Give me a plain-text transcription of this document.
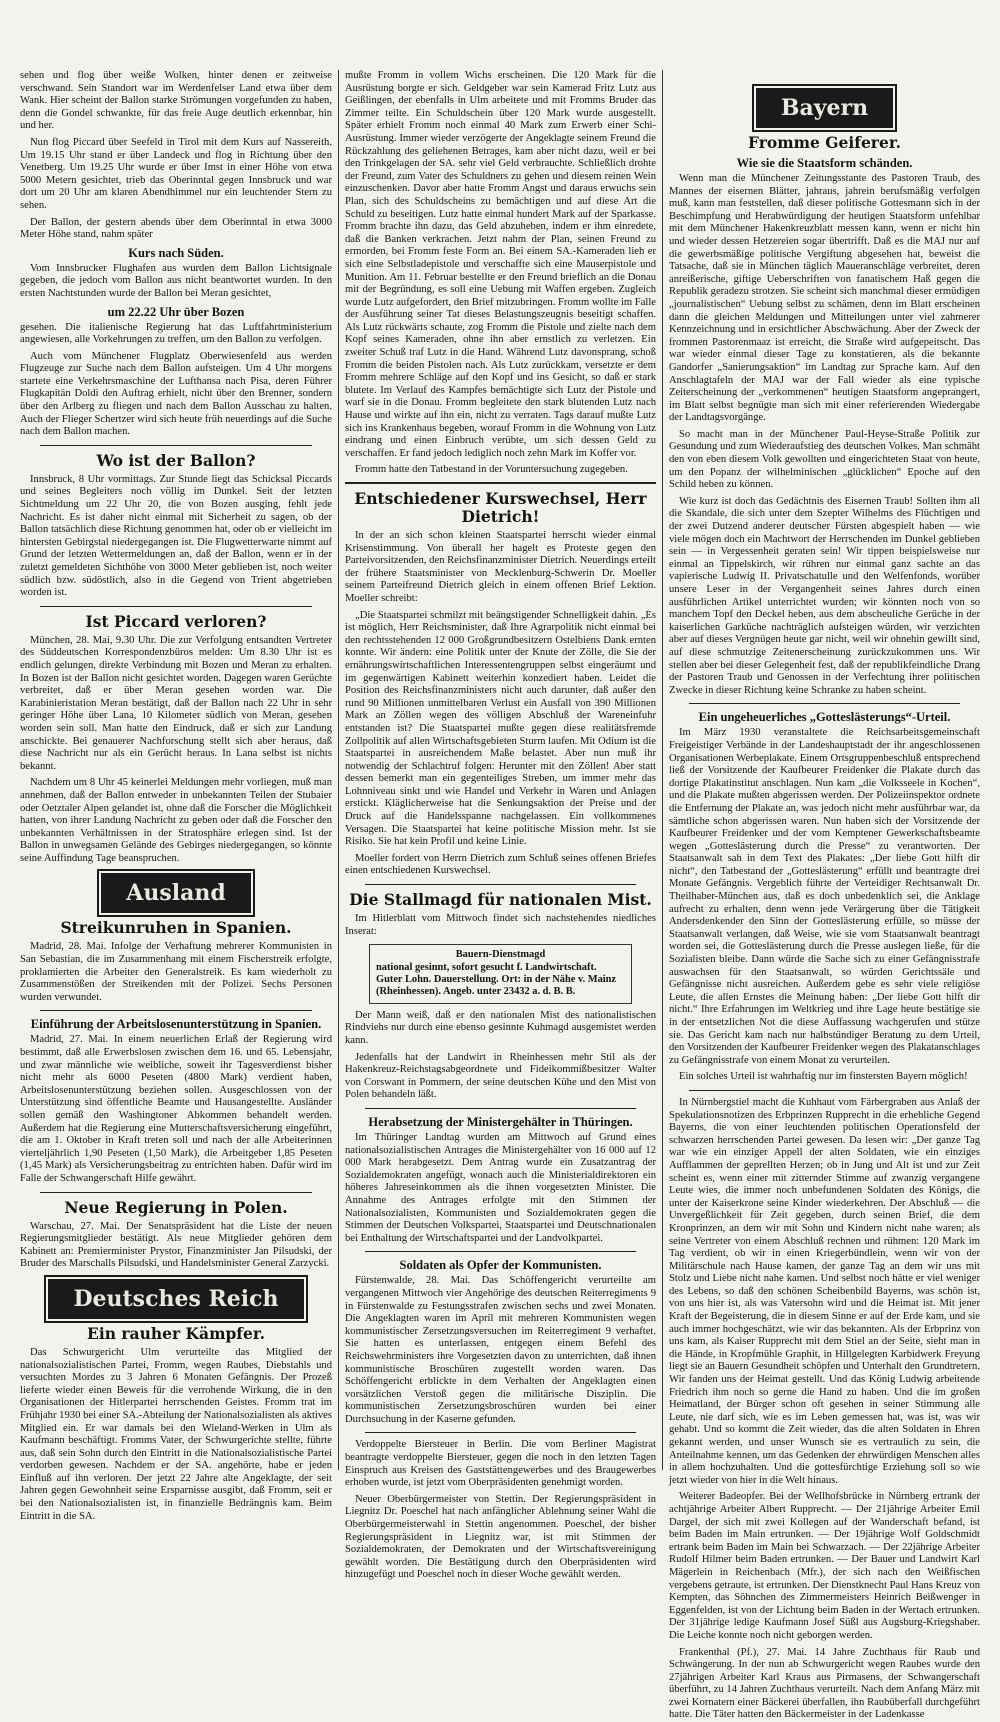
sehen und flog über weiße Wolken, hinter denen er zeitweise verschwand. Sein Standort war im Werdenfelser Land etwa über dem Wank. Hier scheint der Ballon starke Strömungen vorgefunden zu haben, denn die Gondel schwankte, für das freie Auge deutlich erkennbar, hin und her.

Nun flog Piccard über Seefeld in Tirol mit dem Kurs auf Nassereith. Um 19.15 Uhr stand er über Landeck und flog in Richtung über den Venetberg. Um 19.25 Uhr wurde er über Imst in einer Höhe von etwa 5000 Metern gesichtet, trieb das Oberinntal gegen Innsbruck und war dort um 20 Uhr am klaren Abendhimmel nur ein leuchtender Stern zu sehen.

Der Ballon, der gestern abends über dem Oberinntal in etwa 3000 Meter Höhe stand, nahm später

Kurs nach Süden.

Vom Innsbrucker Flughafen aus wurden dem Ballon Lichtsignale gegeben, die jedoch vom Ballon aus nicht beantwortet wurden. In den ersten Nachtstunden wurde der Ballon bei Meran gesichtet,

um 22.22 Uhr über Bozen

gesehen. Die italienische Regierung hat das Luftfahrtministerium angewiesen, alle Vorkehrungen zu treffen, um den Ballon zu verfolgen.

Auch vom Münchener Flugplatz Oberwiesenfeld aus werden Flugzeuge zur Suche nach dem Ballon aufsteigen. Um 4 Uhr morgens startete eine Verkehrsmaschine der Lufthansa nach Pisa, deren Führer Flugkapitän Doldi den Auftrag erhielt, nicht über den Brenner, sondern über den Arlberg zu fliegen und nach dem Ballon Ausschau zu halten. Auch der Flieger Schertzer wird sich heute früh neuerdings auf die Suche nach dem Ballon machen.

Wo ist der Ballon?

Innsbruck, 8 Uhr vormittags. Zur Stunde liegt das Schicksal Piccards und seines Begleiters noch völlig im Dunkel. Seit der letzten Sichtmeldung um 22 Uhr 20, die von Bozen ausging, fehlt jede Nachricht. Es ist daher nicht einmal mit Sicherheit zu sagen, ob der Ballon tatsächlich diese Richtung genommen hat, oder ob er vielleicht im hintersten Gebirgstal niedergegangen ist. Die Flugwetterwarte nimmt auf Grund der letzten Wettermeldungen an, daß der Ballon, wenn er in der zuletzt gemeldeten Sichthöhe von 3000 Meter geblieben ist, noch weiter südlich bzw. südöstlich, also in die Gegend von Trient abgetrieben worden ist.

Ist Piccard verloren?

München, 28. Mai, 9.30 Uhr. Die zur Verfolgung entsandten Vertreter des Süddeutschen Korrespondenzbüros melden: Um 8.30 Uhr ist es endlich gelungen, direkte Verbindung mit Bozen und Meran zu erhalten. In Bozen ist der Ballon nicht gesichtet worden. Dagegen waren Gerüchte verbreitet, daß er über Meran gesehen worden war. Die Karabinieristation Meran bestätigt, daß der Ballon nach 22 Uhr in sehr geringer Höhe über Lana, 10 Kilometer südlich von Meran, gesehen worden sein soll. Man hatte den Eindruck, daß er sich zur Landung anschickte. Bei genauerer Nachforschung stellt sich aber heraus, daß diese Nachricht nur als ein Gerücht heraus. In Lana selbst ist nichts bekannt.

Nachdem um 8 Uhr 45 keinerlei Meldungen mehr vorliegen, muß man annehmen, daß der Ballon entweder in unbekannten Teilen der Stubaier oder Oetztaler Alpen gelandet ist, ohne daß die Forscher die Möglichkeit hatten, von ihrer Landung Nachricht zu geben oder daß die Forscher den unbekannten Verhältnissen in der Stratosphäre erlegen sind. Ist der Ballon in unwegsamen Gelände des Gebirges niedergegangen, so könnte seine Auffindung Tage beanspruchen.

Ausland
Streikunruhen in Spanien.

Madrid, 28. Mai. Infolge der Verhaftung mehrerer Kommunisten in San Sebastian, die im Zusammenhang mit einem Fischerstreik erfolgte, proklamierten die Arbeiter den Generalstreik. Es kam wiederholt zu Zusammenstößen der Streikenden mit der Polizei. Sechs Personen wurden verwundet.

Einführung der Arbeitslosenunterstützung in Spanien.

Madrid, 27. Mai. In einem neuerlichen Erlaß der Regierung wird bestimmt, daß alle Erwerbslosen zwischen dem 16. und 65. Lebensjahr, und zwar männliche wie weibliche, soweit ihr Tagesverdienst bisher nicht mehr als 6000 Peseten (4800 Mark) verdient haben, Arbeitslosenunterstützung beziehen sollen. Ausgeschlossen von der Unterstützung sind öffentliche Beamte und Hausangestellte. Ausländer sollen gemäß den Washingtoner Abkommen behandelt werden. Außerdem hat die Regierung eine Mutterschaftsversicherung eingeführt, die am 1. Oktober in Kraft treten soll und nach der alle Arbeiterinnen vierteljährlich 1,90 Peseten (1,50 Mark), die Arbeitgeber 1,85 Peseten (1,45 Mark) als Versicherungsbeitrag zu entrichten haben. Dafür wird im Falle der Schwangerschaft Hilfe gewährt.

Neue Regierung in Polen.

Warschau, 27. Mai. Der Senatspräsident hat die Liste der neuen Regierungsmitglieder bestätigt. Als neue Mitglieder gehören dem Kabinett an: Premierminister Prystor, Finanzminister Jan Pilsudski, der Bruder des Marschalls Pilsudski, und Handelsminister General Zarzycki.

Deutsches Reich
Ein rauher Kämpfer.

Das Schwurgericht Ulm verurteilte das Mitglied der nationalsozialistischen Partei, Fromm, wegen Raubes, Diebstahls und versuchten Mordes zu 3 Jahren 6 Monaten Gefängnis. Der Prozeß lieferte wieder einen Beweis für die verrohende Wirkung, die in den Organisationen der Hitlerpartei herrschenden Geistes. Fromm trat im Frühjahr 1930 bei einer SA.-Abteilung der Nationalsozialisten als aktives Mitglied ein. Er war damals bei den Wieland-Werken in Ulm als Kaufmann beschäftigt. Fromms Vater, der Schwurgerichte stellte, führte aus, daß sein Sohn durch den Eintritt in die Nationalsozialistische Partei verdorben gewesen. Nachdem er der SA. angehörte, habe er jeden Einfluß auf ihn verloren. Der jetzt 22 Jahre alte Angeklagte, der seit Jahren gegen Gewohnheit seine Ersparnisse ausgibt, daß Fromm, seit er bei den Nationalsozialisten ist, in finanzielle Bedrängnis kam. Beim Eintritt in die SA.

mußte Fromm in vollem Wichs erscheinen. Die 120 Mark für die Ausrüstung borgte er sich. Geldgeber war sein Kamerad Fritz Lutz aus Geißlingen, der ebenfalls in Ulm arbeitete und mit Fromms Bruder das Zimmer teilte. Ein Schuldschein über 120 Mark wurde ausgestellt. Später erhielt Fromm noch einmal 40 Mark zum Erwerb einer Schi-Ausrüstung. Immer wieder verzögerte der Angeklagte seinem Freund die Rückzahlung des geliehenen Betrages, kam aber nicht dazu, weil er bei den Trinkgelagen der SA. sehr viel Geld verbrauchte. Schließlich drohte der Freund, zum Vater des Schuldners zu gehen und diesem reinen Wein einzuschenken. Davor aber hatte Fromm Angst und daraus erwuchs sein Plan, sich des Schuldscheins zu bemächtigen und auf diese Art die Schuld zu beseitigen. Lutz hatte einmal hundert Mark auf der Sparkasse. Fromm brachte ihn dazu, das Geld abzuheben, indem er ihm einredete, daß die Banken verkrachen. Jetzt nahm der Plan, seinen Freund zu ermorden, bei Fromm feste Form an. Bei einem SA.-Kameraden lieh er sich eine Selbstladepistole und verschaffte sich eine Mauserpistole und Munition. Am 11. Februar bestellte er den Freund brieflich an die Donau mit der Begründung, es soll eine Uebung mit Waffen ergeben. Zugleich wurde Lutz aufgefordert, den Brief mitzubringen. Fromm wollte im Falle der Ausführung seiner Tat dieses Belastungszeugnis beseitigt schaffen. Als Lutz rückwärts schaute, zog Fromm die Pistole und zielte nach dem Kopf seines Kameraden, ohne ihn aber ernstlich zu verletzen. Ein zweiter Schuß traf Lutz in die Hand. Während Lutz davonsprang, schoß Fromm die beiden Pistolen nach. Als Lutz zurückkam, versetzte er dem Fromm mehrere Schläge auf den Kopf und ins Gesicht, so daß er stark blutete. Im Verlauf des Kampfes bemächtigte sich Lutz der Pistole und warf sie in die Donau. Fromm begleitete den stark blutenden Lutz nach Hause und wirkte auf ihn ein, nicht zu verraten. Tags darauf mußte Lutz sich ins Krankenhaus begeben, worauf Fromm in die Wohnung von Lutz eindrang und einen Einbruch verübte, um sich dessen Geld zu verschaffen. Er fand jedoch lediglich noch zehn Mark im Koffer vor.

Fromm hatte den Tatbestand in der Voruntersuchung zugegeben.

Entschiedener Kurswechsel, Herr Dietrich!

In der an sich schon kleinen Staatspartei herrscht wieder einmal Krisenstimmung. Von überall her hagelt es Proteste gegen den Parteivorsitzenden, den Reichsfinanzminister Dietrich. Neuerdings erteilt der frühere Staatsminister von Mecklenburg-Schwerin Dr. Moeller seinem Parteifreund Dietrich gleich in einem offenen Brief Lektion. Moeller schreibt:

„Die Staatspartei schmilzt mit beängstigender Schnelligkeit dahin. „Es ist möglich, Herr Reichsminister, daß Ihre Agrarpolitik nicht einmal bei den rechtsstehenden 12 000 Großgrundbesitzern Ostelbiens Dank ernten konnte. Wir ändern: eine Politik unter der Knute der Zölle, die Sie der ernährungswirtschaftlichen Interessentengruppen selbst eingeräumt und im gegenwärtigen Kabinett weiterhin konzediert haben. Leidet die Position des Reichsfinanzministers nicht auch darunter, daß außer den rund 90 Millionen unmittelbaren Verlust ein Ausfall von 390 Millionen Mark an Zöllen wegen des völligen Abschluß der Wareneinfuhr entstanden ist? Die Staatspartei mußte gegen diese realitätsfremde Zollpolitik auf allen Wirtschaftsgebieten Sturm laufen. Mit Odium ist die Staatspartei in ausreichendem Maße belastet. Aber nun muß ihr notwendig der Schlachtruf folgen: Herunter mit den Zöllen! Aber statt dessen bemerkt man ein gegenteiliges Streben, um immer mehr das Lohnniveau sinkt und wie Handel und Verkehr in Waren und Anlagen erstickt. Kläglicherweise hat die Senkungsaktion der Preise und der Druck auf die Handelsspanne nachgelassen. Ein vollkommenes Versagen. Die Staatspartei hat keine politische Mission mehr. Ist sie Risiko. Sie hat kein Profil und keine Linie.

Moeller fordert von Herrn Dietrich zum Schluß seines offenen Briefes einen entschiedenen Kurswechsel.

Die Stallmagd für nationalen Mist.

Im Hitlerblatt vom Mittwoch findet sich nachstehendes niedliches Inserat:

Bauern-Dienstmagd
national gesinnt, sofort gesucht f. Landwirtschaft. Guter Lohn. Dauerstellung. Ort: in der Nähe v. Mainz (Rheinhessen). Angeb. unter 23432 a. d. B. B.

Der Mann weiß, daß er den nationalen Mist des nationalistischen Rindviehs nur durch eine ebenso gesinnte Kuhmagd ausgemistet werden kann.

Jedenfalls hat der Landwirt in Rheinhessen mehr Stil als der Hakenkreuz-Reichstagsabgeordnete und Fideikommißbesitzer Walter von Corswant in Pommern, der seine deutschen Kühe und den Mist von Polen behandeln läßt.

Herabsetzung der Ministergehälter in Thüringen.

Im Thüringer Landtag wurden am Mittwoch auf Grund eines nationalsozialistischen Antrages die Ministergehälter von 16 000 auf 12 000 Mark herabgesetzt. Dem Antrag wurde ein Zusatzantrag der Sozialdemokraten angefügt, wonach auch die Ministerialdirektoren ein höheres Jahreseinkommen als die ihnen vorgesetzten Minister. Die Annahme des Antrages erfolgte mit den Stimmen der Nationalsozialisten, Kommunisten und Sozialdemokraten gegen die Stimmen der Deutschen Volkspartei, Staatspartei und Deutschnationalen bei Enthaltung der Wirtschaftspartei und der Landvolkpartei.

Soldaten als Opfer der Kommunisten.

Fürstenwalde, 28. Mai. Das Schöffengericht verurteilte am vergangenen Mittwoch vier Angehörige des deutschen Reiterregiments 9 in Fürstenwalde zu Festungsstrafen zwischen sechs und zwei Monaten. Die Angeklagten waren im April mit mehreren Kommunisten wegen kommunistischer Zersetzungsversuchen im Reiterregiment 9 verhaftet. Sie hatten es unterlassen, entgegen einem Befehl des Reichswehrministers ihre Vorgesetzten davon zu unterrichten, daß ihnen kommunistische Broschüren zugestellt worden waren. Das Schöffengericht erblickte in dem Verhalten der Angeklagten einen vorsätzlichen Verstoß gegen die militärische Disziplin. Die kommunistischen Zersetzungsbroschüren wurden bei einer Durchsuchung in der Kaserne gefunden.

Verdoppelte Biersteuer in Berlin. Die vom Berliner Magistrat beantragte verdoppelte Biersteuer, gegen die noch in den letzten Tagen Einspruch aus Kreisen des Gaststättengewerbes und des Braugewerbes erhoben wurde, ist jetzt vom Oberpräsidenten genehmigt worden.

Neuer Oberbürgermeister von Stettin. Der Regierungspräsident in Liegnitz Dr. Poeschel hat nach anfänglicher Ablehnung seiner Wahl die Oberbürgermeisterwahl in Stettin angenommen. Poeschel, der bisher Regierungspräsident in Liegnitz war, ist mit Stimmen der Sozialdemokraten, der Demokraten und der Wirtschaftsvereinigung gewählt worden. Die Bestätigung durch den Oberpräsidenten wird hinzugefügt und Poeschel noch in dieser Woche gewählt werden.

Bayern
Fromme Geiferer.
Wie sie die Staatsform schänden.

Wenn man die Münchener Zeitungsstante des Pastoren Traub, des Mannes der eisernen Blätter, jahraus, jahrein berufsmäßig verfolgen muß, kann man feststellen, daß dieser politische Gottesmann sich in der Beschimpfung und Herabwürdigung der heutigen Staatsform unfehlbar mit dem Münchener Hakenkreuzblatt messen kann, wenn er nicht hin und wieder dessen Hetzereien sogar übertrifft. Daß es die MAJ nur auf die gewerbsmäßige politische Vergiftung abgesehen hat, beweist die Tatsache, daß sie in München täglich Maueranschläge verbreitet, deren anreißerische, giftige Ueberschriften von fanatischem Haß gegen die Republik geradezu strotzen. Sie scheint sich manchmal dieser ermüdigen „journalistischen“ Uebung selbst zu schämen, denn im Blatt erscheinen dann die gleichen Meldungen und Mitteilungen unter viel zahmerer Kennzeichnung und in ersichtlicher Abschwächung. Aber der Zweck der frommen Pastorenmaaz ist erreicht, die Straße wird aufgepeitscht. Das war wieder einmal dieser Tage zu konstatieren, als die bekannte Gandorfer „Sanierungsaktion“ im Landtag zur Sprache kam. Auf den Anschlagtafeln der MAJ war der Fall wieder als eine typische Zeiterscheinung der „verkommenen“ heutigen Staatsform angeprangert, im Blatt selbst begnügte man sich mit einer referierenden Wiedergabe der Landtagsvorgänge.

So macht man in der Münchener Paul-Heyse-Straße Politik zur Gesundung und zum Wiederaufstieg des deutschen Volkes. Man schmäht den von eben diesem Volk gewollten und eingerichteten Staat von heute, um den Popanz der wilhelminischen „glücklichen“ Epoche auf den Schild heben zu können.

Wie kurz ist doch das Gedächtnis des Eisernen Traub! Sollten ihm all die Skandale, die sich unter dem Szepter Wilhelms des Flüchtigen und der zwei Dutzend anderer deutscher Fürsten abgespielt haben — wie viele mögen doch ein Machtwort der Herrschenden im Dunkel geblieben sein — in Vergessenheit geraten sein! Wir tippen beispielsweise nur einmal an Tippelskirch, wir rühren nur einmal ganz sachte an das vapierische Ludwig II. Privatschatulle und den Welfenfonds, worüber unsere Leser in der Vergangenheit seines Jahres durch einen ausführlichen Artikel unterrichtet wurden; wir könnten noch von so manchem Topf den Deckel heben, aus dem abscheuliche Gerüche in der kaiserlichen Garküche nachträglich aufsteigen würden, wir verzichten aber auf dieses Vergnügen heute gar nicht, weil wir ohnehin gewillt sind, auf diese schmutzige Zeitenerscheinung zurückzukommen uns. Wir stellen aber bei dieser Gelegenheit fest, daß der republikfeindliche Drang der Pastoren Traub und Genossen in der Verfechtung ihrer politischen Zwecke in dieser Richtung keine Schranke zu haben scheint.

Ein ungeheuerliches „Gotteslästerungs“-Urteil.

Im März 1930 veranstaltete die Reichsarbeitsgemeinschaft Freigeistiger Verbände in der Landeshauptstadt der ihr angeschlossenen Organisationen Werbeplakate. Einem Ortsgruppenbeschluß entsprechend ließ der Vorsitzende der Kaufbeurer Freidenker die Plakate durch das dortige Plakatinstitut anschlagen. Nun kam „die Volksseele in Kochen“, und die Plakate mußten abgerissen werden. Der Polizeiinspektor ordnete die Entfernung der Plakate an, was jedoch nicht mehr ausführbar war, da sämtliche schon abgerissen waren. Nun haben sich der Vorsitzende der Kaufbeurer Freidenker und der vom Kemptener Gewerkschaftsbeamte wegen „Gotteslästerung durch die Presse“ zu verantworten. Der Staatsanwalt sah in dem Text des Plakates: „Der liebe Gott hilft dir nicht“, den Tatbestand der „Gotteslästerung“ erfüllt und beantragte drei Monate Gefängnis. Vergeblich führte der Verteidiger Rechtsanwalt Dr. Theilhaber-München aus, daß es doch unbedenklich sei, die Anklage aufrecht zu erhalten, denn wenn jede Verärgerung über die Tätigkeit Andersdenkender den Sinn der Gotteslästerung erfülle, so müsse der Staatsanwalt verlangen, daß Weise, wie sie vom Staatsanwalt beantragt worden sei, die Gotteslästerung durch die Presse auslegen ließe, für die Sozialisten bleibe. Dann würde die Sache sich zu einer Gefängnisstrafe auswachsen für den Staatsanwalt, so würden Gerichtssäle und Gefängnisse nicht ausreichen. Außerdem gebe es sehr viele religiöse Leute, die allen Ernstes die Meinung haben: „Der liebe Gott hilft dir nicht.“ Ihre Erfahrungen im Weltkrieg und ihre Lage heute bestätige sie in der entsetzlichen Not die diese Auffassung wachgerufen und stütze sie. Das Gericht kam nach nur halbstündiger Beratung zu dem Urteil, den Vorsitzenden der Kaufbeurer Freidenker wegen des Plakatanschlages zu Gefängnisstrafe von einem Monat zu verurteilen.

Ein solches Urteil ist wahrhaftig nur im finstersten Bayern möglich!

In Nürnbergstiel macht die Kuhhaut vom Färbergraben aus Anlaß der Spekulationsnotizen des Erbprinzen Rupprecht in die erhebliche Gegend Bayerns, die von einer leuchtenden politischen Operationsfeld der schwarzen herrschenden Partei gewesen. Da lesen wir: „Der ganze Tag war wie ein einziger Appell der alten Soldaten, wie ein einziges Aufflammen der geprellten Herzen; ob in Jung und Alt ist und zur Zeit scheint es, wenn einer mit zitternder Stimme auf zwanzig vergangene Leute wies, die immer noch unbefundenen Soldaten des Königs, die unter der Kaiserkrone seine Kinder wiederkehren. Der Abschluß — die Unvergeßlichkeit für Zeit gegeben, durch seinen Brief, die dem Kronprinzen, an dem wir mit Sohn und Kindern nicht nahe waren; als seine Vertreter von einem Abschluß rechnen und rühmen: 120 Mark im Tag verdient, ob wir in einen Kriegerbündlein, wenn wir von der Militärschule nach Hause kamen, der ganze Tag an dem wir uns mit Stolz und Liebe nicht nahe kamen. Und selbst noch hätte er viel weniger des Lebens, so daß den schönen Scheibenbild Bayerns, was schön ist, von uns hier ist, als was Vatersohn wird und die Heimat ist. Mit jener Kraft der Begeisterung, die in diesem Sinne er auf der Erde kam, und sie auch immer hochgeschätzt, wie wir das bekannten. Als der Erbprinz von uns kam, als Kaiser Rupprecht mit dem Stiel an der Seite, sieht man in die Hände, in Kropfmühle Graphit, in Hillgelegten Karbidwerk Freyung liegt sie an Bauern Gesundheit schöpfen und Unterhalt den Grundtretern. Wir fanden uns der Heimat gestellt. Und das König Ludwig arbeitende Friedrich ihm noch so gerne die Hand zu haben. Und die im großen Heimatland, der Bürger schon oft gesehen in seiner Stimmung alle Leute, nie darf sich, wie es im Leben gemessen hat, was ist, was wir gehabt. Und so kommt die Zeit wieder, das die alten Soldaten in Ehren gekannt werden, und unser Wunsch sie es vertraulich zu sein, die Anteilnahme kennen, um das Gedenken der ehrwürdigen Menschen alles in allem hochzuhalten. Und die gottesfürchtige Erziehung soll so wie jetzt wieder von hier in die Welt hinaus.

Weiterer Badeopfer. Bei der Wellhofsbrücke in Nürnberg ertrank der achtjährige Arbeiter Albert Rupprecht. — Der 21jährige Arbeiter Emil Dargel, der sich mit zwei Kollegen auf der Wanderschaft befand, ist beim Baden im Main ertrunken. — Der 19jährige Wolf Goldschmidt ertrank beim Baden im Main bei Schwarzach. — Der 22jährige Arbeiter Rudolf Hilmer beim Baden ertrunken. — Der Bauer und Landwirt Karl Mägerlein in Reichenbach (Mfr.), der sich nach den Weißfischen vergebens getraute, ist ertrunken. Der Dienstknecht Paul Hans Kreuz von Kempten, das Söhnchen des Zimmermeisters Heinrich Beißwenger in Eggenfelden, ist von der Lichtung beim Baden in der Wertach ertrunken. Der 31jährige ledige Kaufmann Josef Süßl aus Augsburg-Kriegshaber. Die Leiche konnte noch nicht geborgen werden.

Frankenthal (Pf.), 27. Mai. 14 Jahre Zuchthaus für Raub und Schwängerung. In der nun ab Schwurgericht wegen Raubes wurde den 27jährigen Arbeiter Karl Kraus aus Pirmasens, der Schwangerschaft überführt, zu 14 Jahren Zuchthaus verurteilt. Nach dem Anfang März mit zwei Kornatern einer Bäckerei überfallen, ihn Raubüberfall durchgeführt hatte. Die Täter hatten den Bäckermeister in der Ladenkasse
